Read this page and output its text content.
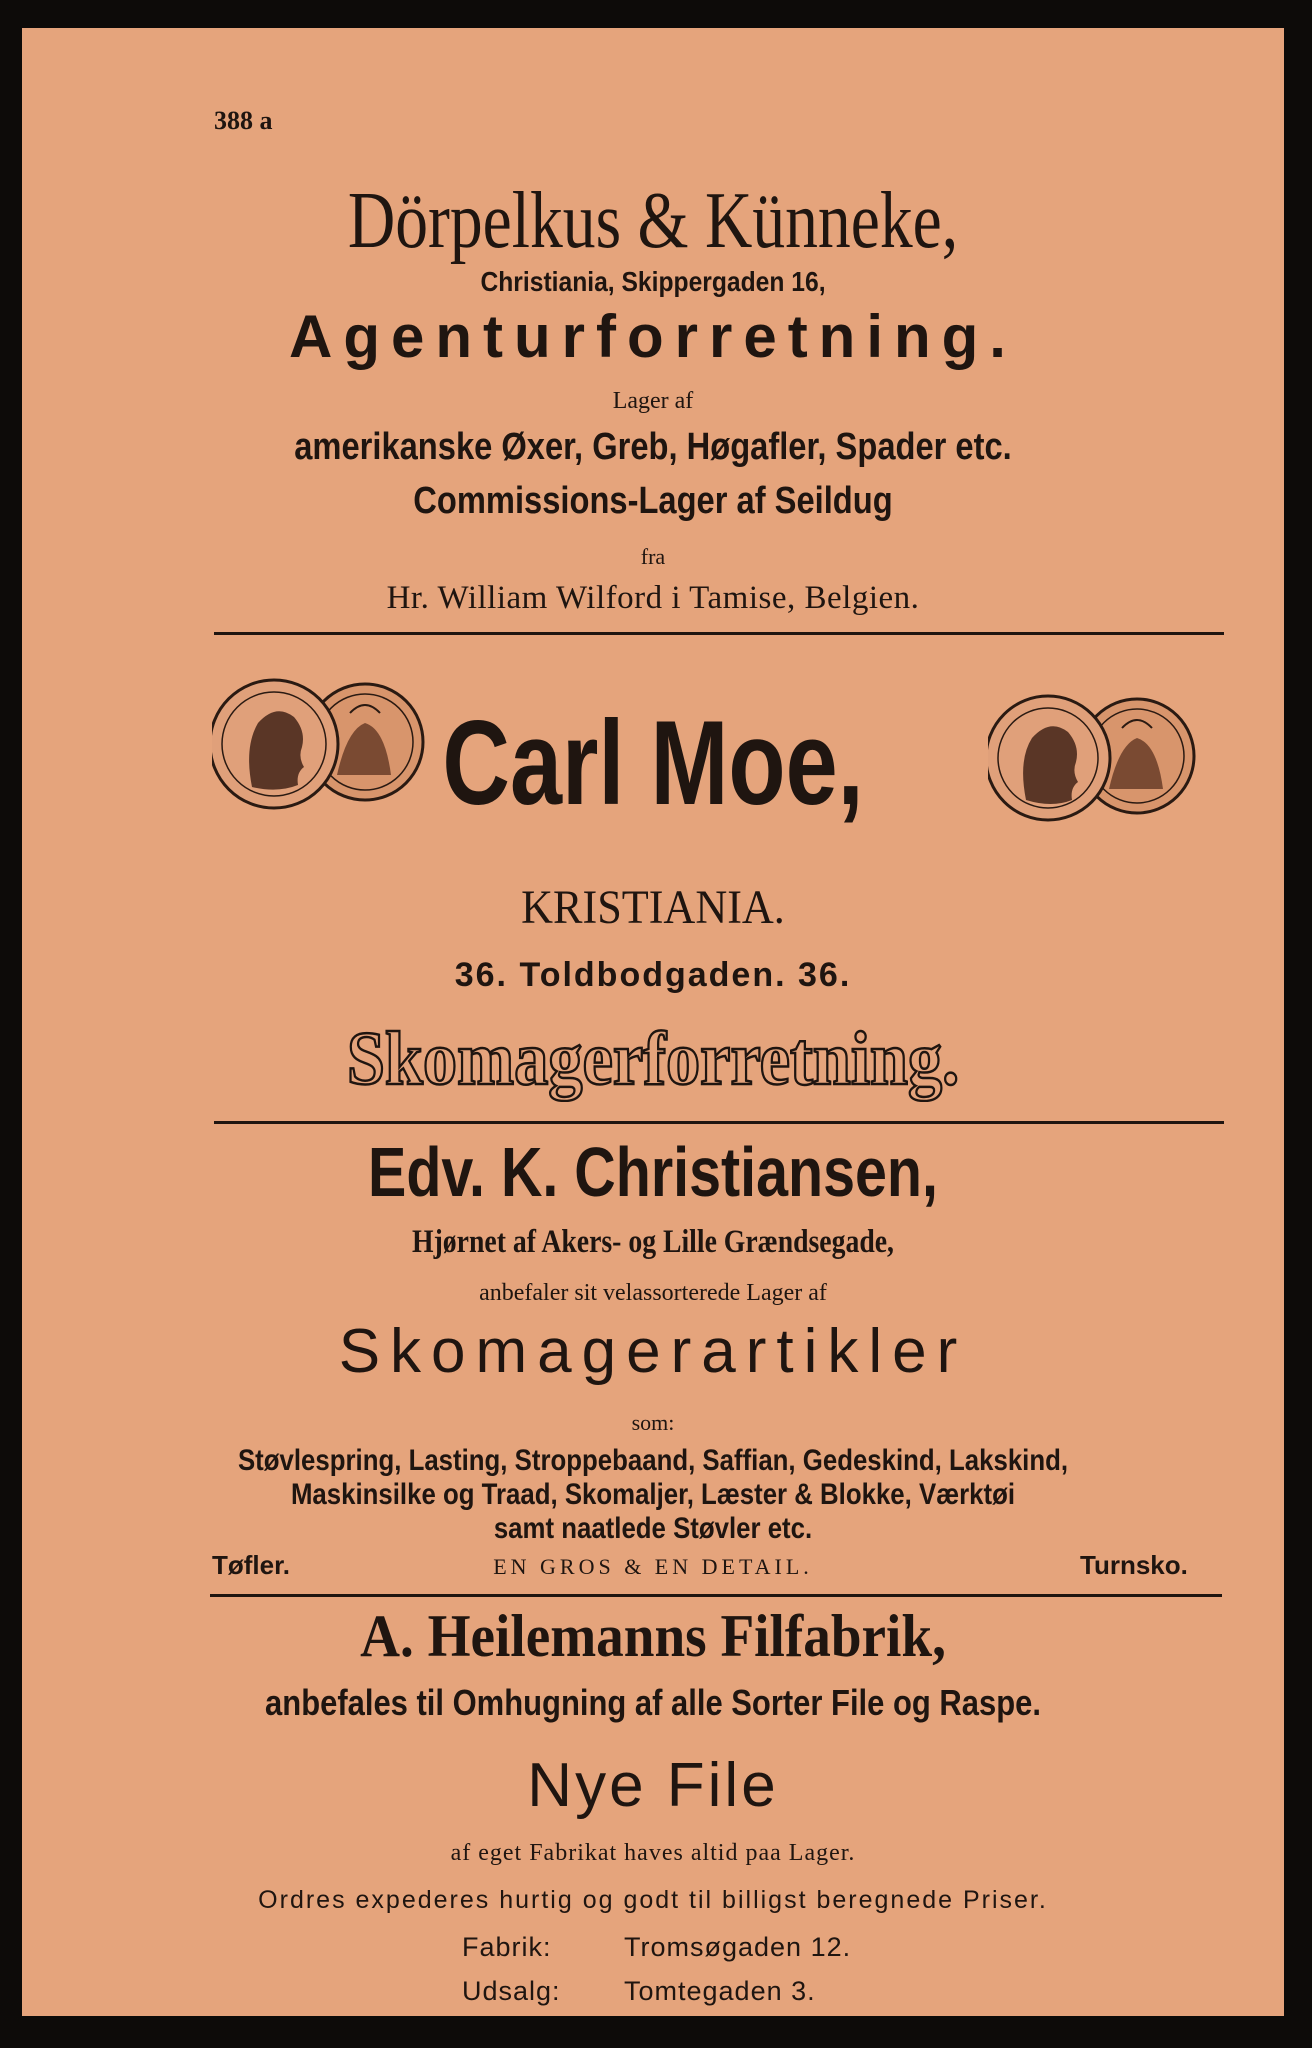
388 a
Dörpelkus & Künneke,
Christiania, Skippergaden 16,
Agenturforretning.
Lager af
amerikanske Øxer, Greb, Høgafler, Spader etc.
Commissions-Lager af Seildug
fra
Hr. William Wilford i Tamise, Belgien.
Carl Moe,
KRISTIANIA.
36. Toldbodgaden. 36.
Skomagerforretning.
Edv. K. Christiansen,
Hjørnet af Akers- og Lille Grændsegade,
anbefaler sit velassorterede Lager af
Skomagerartikler
som:
Støvlespring, Lasting, Stroppebaand, Saffian, Gedeskind, Lakskind,
Maskinsilke og Traad, Skomaljer, Læster & Blokke, Værktøi
samt naatlede Støvler etc.
Tøfler.	EN GROS & EN DETAIL.	Turnsko.
A. Heilemanns Filfabrik,
anbefales til Omhugning af alle Sorter File og Raspe.
Nye File
af eget Fabrikat haves altid paa Lager.
Ordres expederes hurtig og godt til billigst beregnede Priser.
Fabrik:	Tromsøgaden 12.
Udsalg: Tomtegaden 3.
